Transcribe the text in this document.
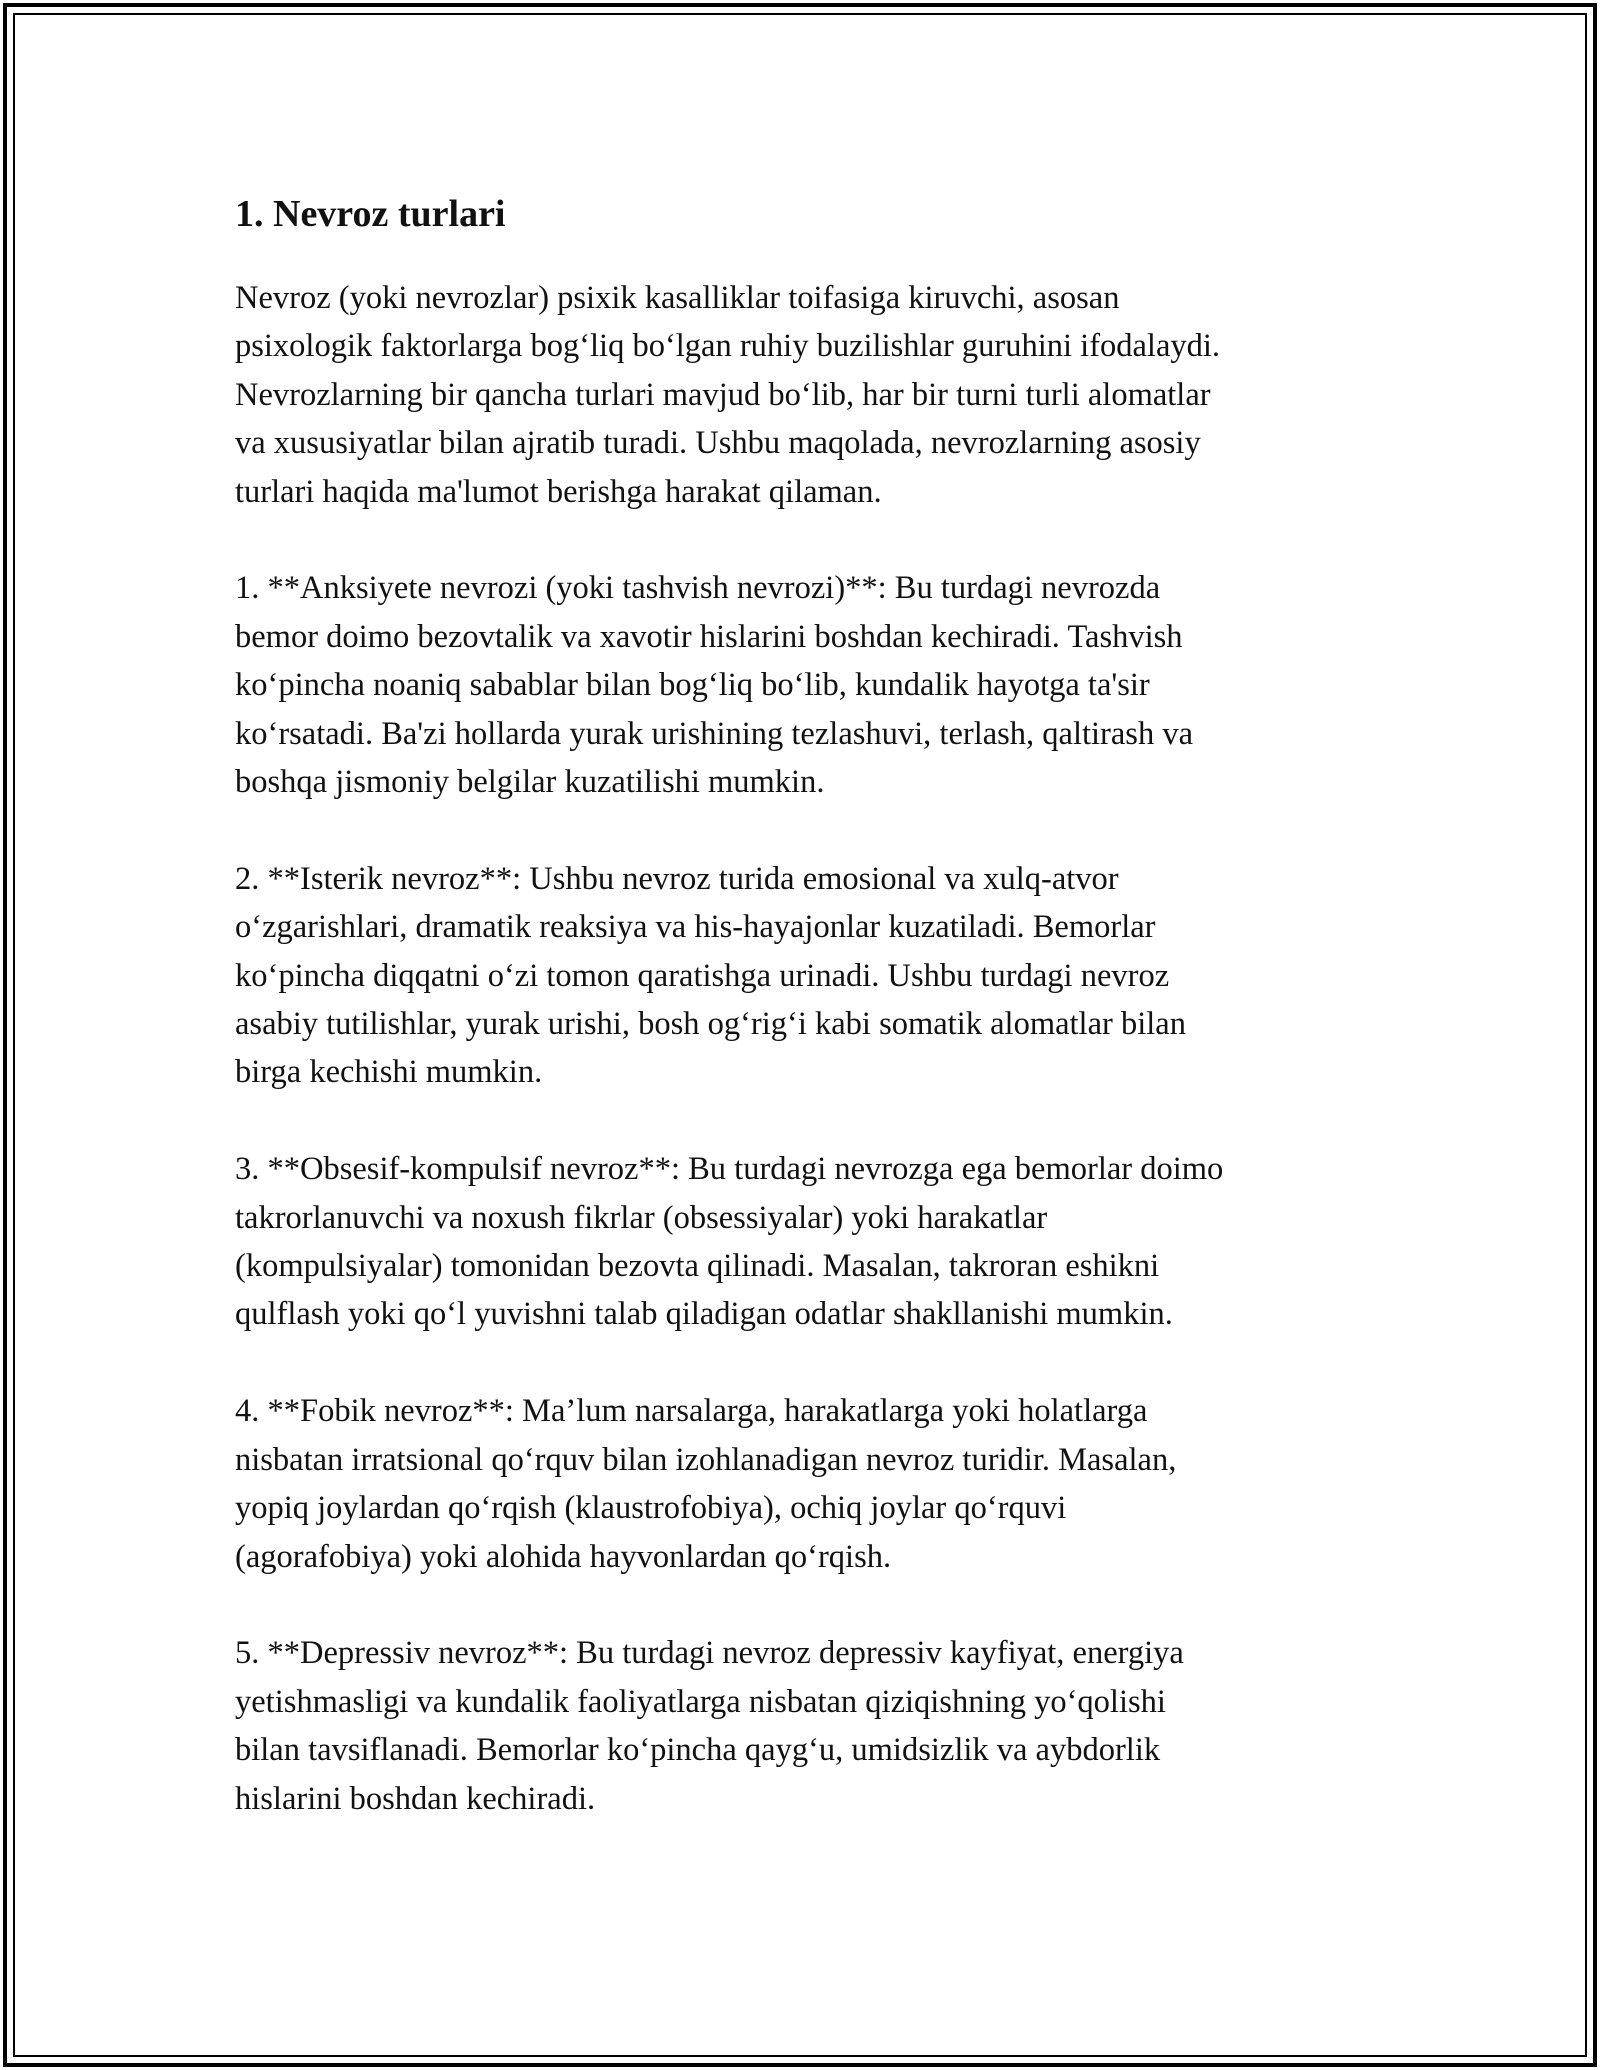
1. Nevroz turlari

Nevroz (yoki nevrozlar) psixik kasalliklar toifasiga kiruvchi, asosan
psixologik faktorlarga bog‘liq bo‘lgan ruhiy buzilishlar guruhini ifodalaydi.
Nevrozlarning bir qancha turlari mavjud bo‘lib, har bir turni turli alomatlar
va xususiyatlar bilan ajratib turadi. Ushbu maqolada, nevrozlarning asosiy
turlari haqida ma'lumot berishga harakat qilaman.

1. **Anksiyete nevrozi (yoki tashvish nevrozi)**: Bu turdagi nevrozda
bemor doimo bezovtalik va xavotir hislarini boshdan kechiradi. Tashvish
ko‘pincha noaniq sabablar bilan bog‘liq bo‘lib, kundalik hayotga ta'sir
ko‘rsatadi. Ba'zi hollarda yurak urishining tezlashuvi, terlash, qaltirash va
boshqa jismoniy belgilar kuzatilishi mumkin.

2. **Isterik nevroz**: Ushbu nevroz turida emosional va xulq-atvor
o‘zgarishlari, dramatik reaksiya va his-hayajonlar kuzatiladi. Bemorlar
ko‘pincha diqqatni o‘zi tomon qaratishga urinadi. Ushbu turdagi nevroz
asabiy tutilishlar, yurak urishi, bosh og‘rig‘i kabi somatik alomatlar bilan
birga kechishi mumkin.

3. **Obsesif-kompulsif nevroz**: Bu turdagi nevrozga ega bemorlar doimo
takrorlanuvchi va noxush fikrlar (obsessiyalar) yoki harakatlar
(kompulsiyalar) tomonidan bezovta qilinadi. Masalan, takroran eshikni
qulflash yoki qo‘l yuvishni talab qiladigan odatlar shakllanishi mumkin.

4. **Fobik nevroz**: Ma’lum narsalarga, harakatlarga yoki holatlarga
nisbatan irratsional qo‘rquv bilan izohlanadigan nevroz turidir. Masalan,
yopiq joylardan qo‘rqish (klaustrofobiya), ochiq joylar qo‘rquvi
(agorafobiya) yoki alohida hayvonlardan qo‘rqish.

5. **Depressiv nevroz**: Bu turdagi nevroz depressiv kayfiyat, energiya
yetishmasligi va kundalik faoliyatlarga nisbatan qiziqishning yo‘qolishi
bilan tavsiflanadi. Bemorlar ko‘pincha qayg‘u, umidsizlik va aybdorlik
hislarini boshdan kechiradi.
